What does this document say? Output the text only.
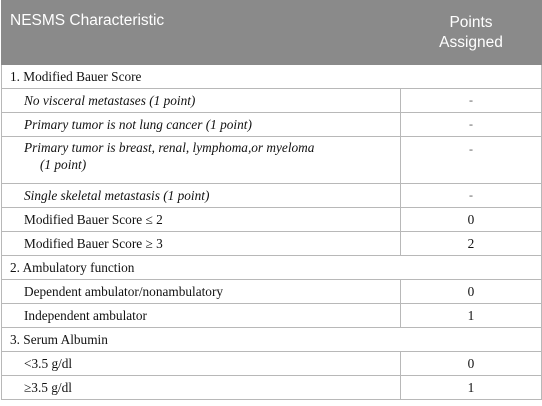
NESMS Characteristic	Points
Assigned

1. Modified Bauer Score	
No visceral metastases (1 point)	-
Primary tumor is not lung cancer (1 point)	-
Primary tumor is breast, renal, lymphoma,or myeloma
(1 point)	-
Single skeletal metastasis (1 point)	-
Modified Bauer Score ≤ 2	0
Modified Bauer Score ≥ 3	2
2. Ambulatory function	
Dependent ambulator/nonambulatory	0
Independent ambulator	1
3. Serum Albumin	
<3.5 g/dl	0
≥3.5 g/dl	1
